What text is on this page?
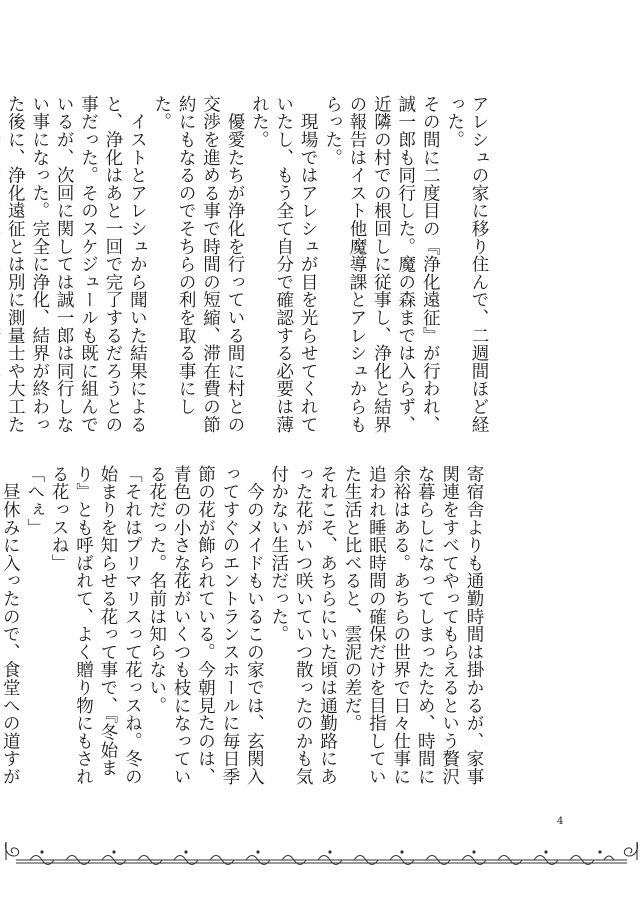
アレシュの家に移り住んで、二週間ほど経った。
その間に二度目の『浄化遠征』が行われ、誠一郎も同行した。魔の森までは入らず、近隣の村での根回しに従事し、浄化と結界の報告はイスト他魔導課とアレシュからもらった。
　現場ではアレシュが目を光らせてくれていたし、もう全て自分で確認する必要は薄れた。
　優愛たちが浄化を行っている間に村との交渉を進める事で時間の短縮、滞在費の節約にもなるのでそちらの利を取る事にした。
　イストとアレシュから聞いた結果によると、浄化はあと一回で完了するだろうとの事だった。そのスケジュールも既に組んでいるが、次回に関しては誠一郎は同行しない事になった。完全に浄化、結界が終わった後に、浄化遠征とは別に測量士や大工た

寄宿舎よりも通勤時間は掛かるが、家事関連をすべてやってもらえるという贅沢な暮らしになってしまったため、時間に余裕はある。あちらの世界で日々仕事に追われ睡眠時間の確保だけを目指していた生活と比べると、雲泥の差だ。
それこそ、あちらにいた頃は通勤路にあった花がいつ咲いていつ散ったのかも気付かない生活だった。
　今のメイドもいるこの家では、玄関入ってすぐのエントランスホールに毎日季節の花が飾られている。今朝見たのは、青色の小さな花がいくつも枝になっている花だった。名前は知らない。
「それはプリマリスって花っスね。冬の始まりを知らせる花って事で、『冬始まり』とも呼ばれて、よく贈り物にもされる花っスね」
「へぇ」
　昼休みに入ったので、食堂への道すが

4
